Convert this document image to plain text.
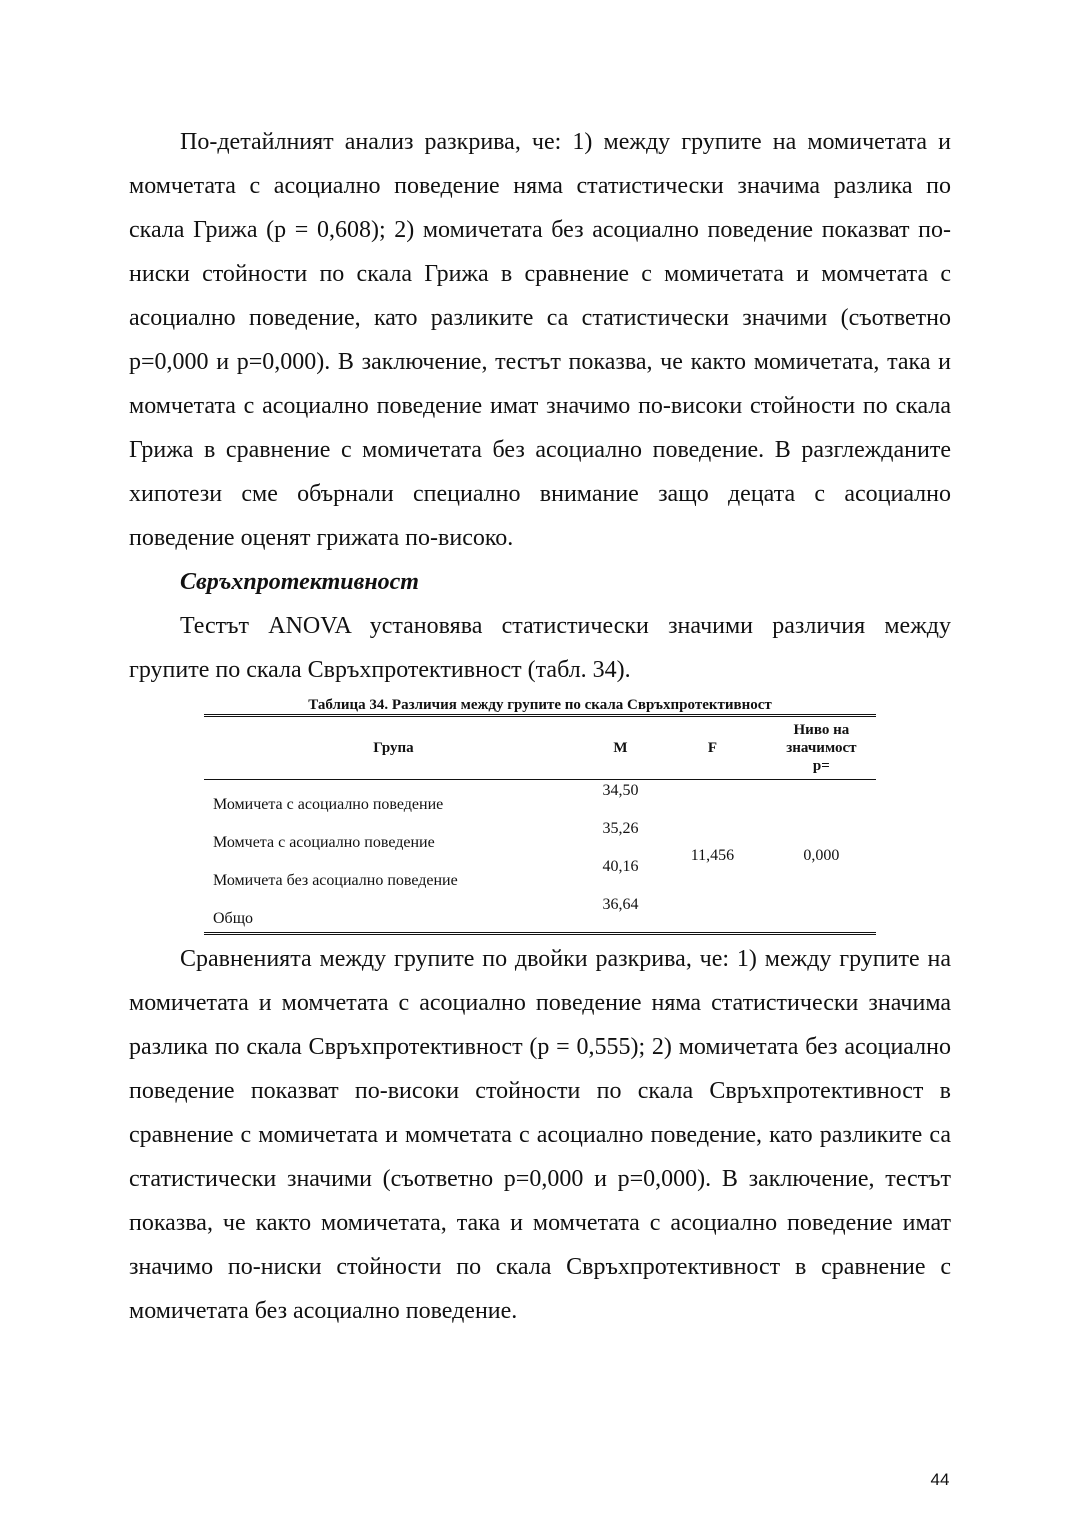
По-детайлният анализ разкрива, че: 1) между групите на момичетата и момчетата с асоциално поведение няма статистически значима разлика по скала Грижа (р = 0,608); 2) момичетата без асоциално поведение показват по-ниски стойности по скала Грижа в сравнение с момичетата и момчетата с асоциално поведение, като разликите са статистически значими (съответно р=0,000 и р=0,000). В заключение, тестът показва, че както момичетата, така и момчетата с асоциално поведение имат значимо по-високи стойности по скала Грижа в сравнение с момичетата без асоциално поведение. В разглежданите хипотези сме обърнали специално внимание защо децата с асоциално поведение оценят грижата по-високо.

Свръхпротективност

Тестът ANOVA установява статистически значими различия между групите по скала Свръхпротективност (табл. 34).

Таблица 34. Различия между групите по скала Свръхпротективност
Група	M	F	Ниво на
значимост
p=
Момичета с асоциално поведение	34,50	11,456	0,000
Момчета с асоциално поведение	35,26		
Момичета без асоциално поведение	40,16		
Общо	36,64		

Сравненията между групите по двойки разкрива, че: 1) между групите на момичетата и момчетата с асоциално поведение няма статистически значима разлика по скала Свръхпротективност (р = 0,555); 2) момичетата без асоциално поведение показват по-високи стойности по скала Свръхпротективност в сравнение с момичетата и момчетата с асоциално поведение, като разликите са статистически значими (съответно р=0,000 и р=0,000). В заключение, тестът показва, че както момичетата, така и момчетата с асоциално поведение имат значимо по-ниски стойности по скала Свръхпротективност в сравнение с момичетата без асоциално поведение.

44
